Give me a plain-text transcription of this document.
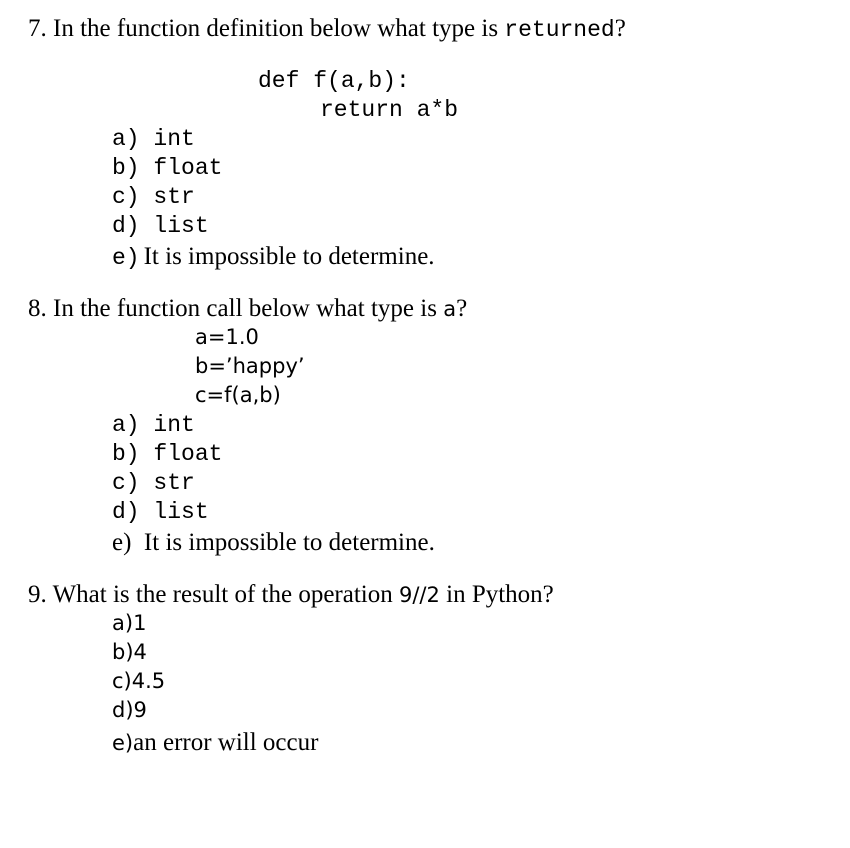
7. In the function definition below what type is returned?
def f(a,b):
return a*b
a) int
b) float
c) str
d) list
e) It is impossible to determine.
8. In the function call below what type is a?
a=1.0
b=’happy’
c=f(a,b)
a) int
b) float
c) str
d) list
e) It is impossible to determine.
9. What is the result of the operation 9//2 in Python?
a)1
b)4
c)4.5
d)9
e)an error will occur
